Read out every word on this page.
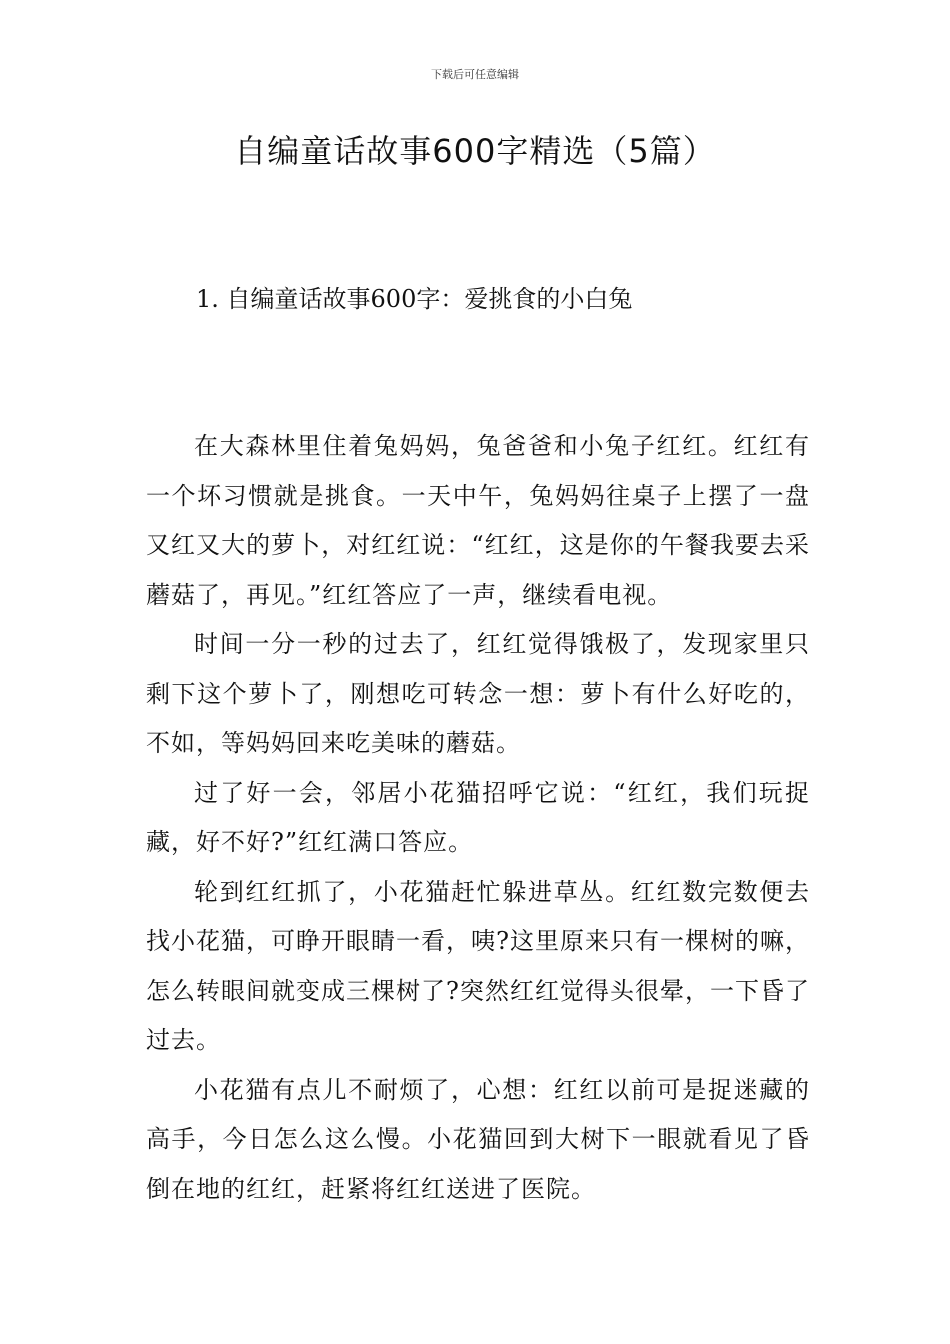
下载后可任意编辑
自编童话故事600字精选（5篇）
1. 自编童话故事600字：爱挑食的小白兔

在大森林里住着兔妈妈，兔爸爸和小兔子红红。红红有一个坏习惯就是挑食。一天中午，兔妈妈往桌子上摆了一盘又红又大的萝卜，对红红说：“红红，这是你的午餐我要去采蘑菇了，再见。”红红答应了一声，继续看电视。

时间一分一秒的过去了，红红觉得饿极了，发现家里只剩下这个萝卜了，刚想吃可转念一想：萝卜有什么好吃的，不如，等妈妈回来吃美味的蘑菇。

过了好一会，邻居小花猫招呼它说：“红红，我们玩捉藏，好不好?”红红满口答应。

轮到红红抓了，小花猫赶忙躲进草丛。红红数完数便去找小花猫，可睁开眼睛一看，咦?这里原来只有一棵树的嘛，怎么转眼间就变成三棵树了?突然红红觉得头很晕，一下昏了过去。

小花猫有点儿不耐烦了，心想：红红以前可是捉迷藏的高手，今日怎么这么慢。小花猫回到大树下一眼就看见了昏倒在地的红红，赶紧将红红送进了医院。
